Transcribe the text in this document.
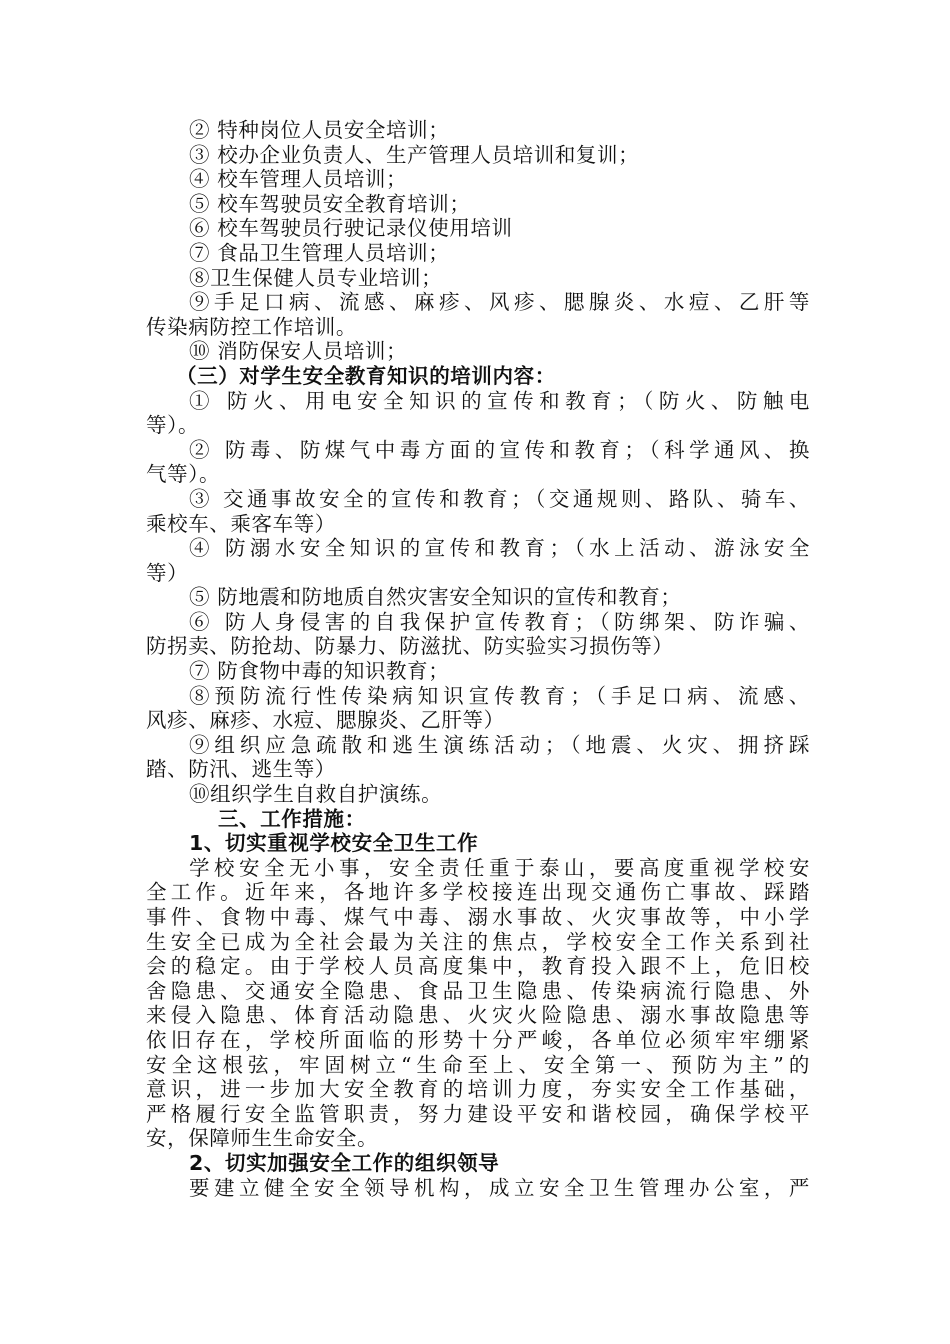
② 特种岗位人员安全培训；
③ 校办企业负责人、生产管理人员培训和复训；
④ 校车管理人员培训；
⑤ 校车驾驶员安全教育培训；
⑥ 校车驾驶员行驶记录仪使用培训
⑦ 食品卫生管理人员培训；
⑧卫生保健人员专业培训；
⑨手足口病、流感、麻疹、风疹、腮腺炎、水痘、乙肝等
传染病防控工作培训。
⑩ 消防保安人员培训；
（三）对学生安全教育知识的培训内容：
① 防火、用电安全知识的宣传和教育；（防火、防触电
等）。
② 防毒、防煤气中毒方面的宣传和教育；（科学通风、换
气等）。
③ 交通事故安全的宣传和教育；（交通规则、路队、骑车、
乘校车、乘客车等）
④ 防溺水安全知识的宣传和教育；（水上活动、游泳安全
等）
⑤ 防地震和防地质自然灾害安全知识的宣传和教育；
⑥ 防人身侵害的自我保护宣传教育；（防绑架、防诈骗、
防拐卖、防抢劫、防暴力、防滋扰、防实验实习损伤等）
⑦ 防食物中毒的知识教育；
⑧预防流行性传染病知识宣传教育；（手足口病、流感、
风疹、麻疹、水痘、腮腺炎、乙肝等）
⑨组织应急疏散和逃生演练活动；（地震、火灾、拥挤踩
踏、防汛、逃生等）
⑩组织学生自救自护演练。
三、工作措施：
1、切实重视学校安全卫生工作
学校安全无小事，安全责任重于泰山，要高度重视学校安
全工作。近年来，各地许多学校接连出现交通伤亡事故、踩踏
事件、食物中毒、煤气中毒、溺水事故、火灾事故等，中小学
生安全已成为全社会最为关注的焦点，学校安全工作关系到社
会的稳定。由于学校人员高度集中，教育投入跟不上，危旧校
舍隐患、交通安全隐患、食品卫生隐患、传染病流行隐患、外
来侵入隐患、体育活动隐患、火灾火险隐患、溺水事故隐患等
依旧存在，学校所面临的形势十分严峻，各单位必须牢牢绷紧
安全这根弦，牢固树立“生命至上、安全第一、预防为主”的
意识，进一步加大安全教育的培训力度，夯实安全工作基础，
严格履行安全监管职责，努力建设平安和谐校园，确保学校平
安，保障师生生命安全。
2、切实加强安全工作的组织领导
要建立健全安全领导机构，成立安全卫生管理办公室，严
